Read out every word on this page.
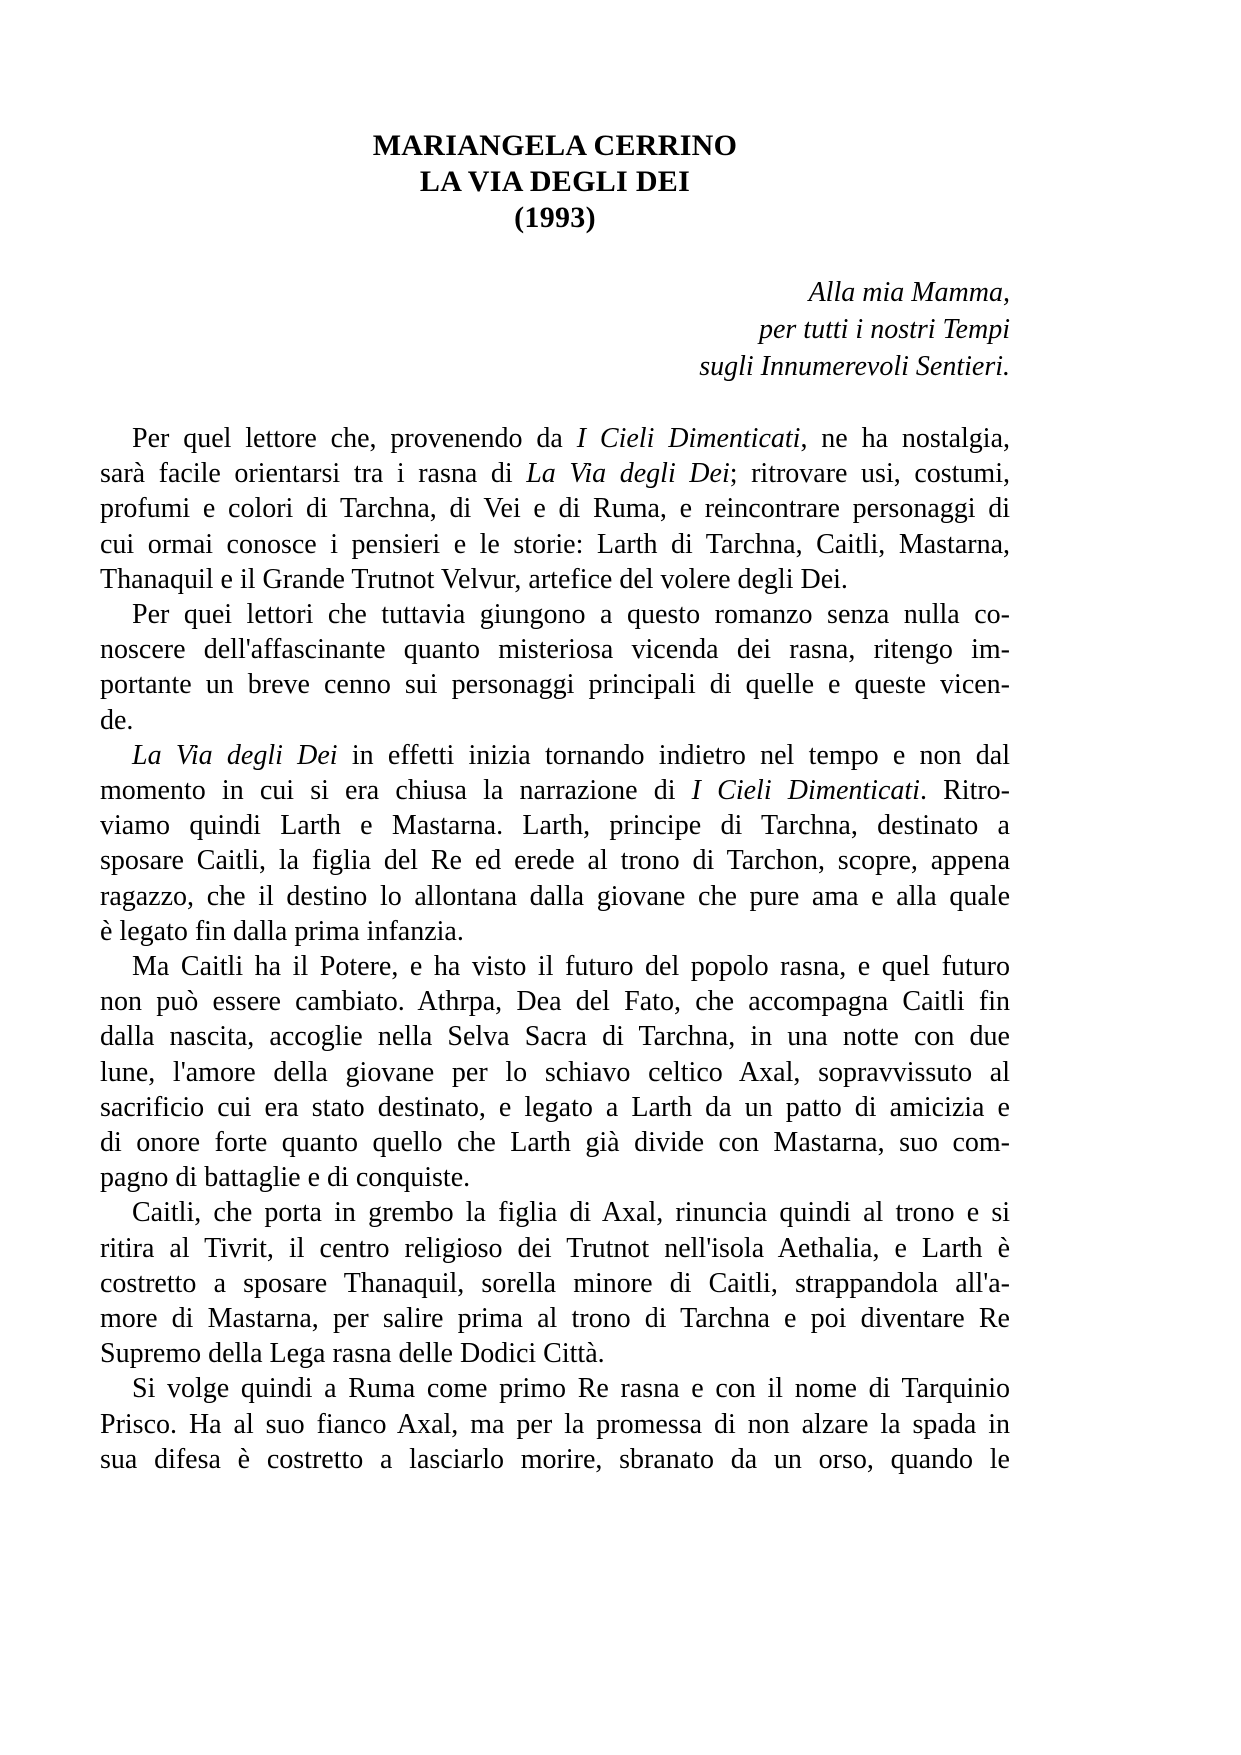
MARIANGELA CERRINO
LA VIA DEGLI DEI
(1993)
Alla mia Mamma,
per tutti i nostri Tempi
sugli Innumerevoli Sentieri.

Per quel lettore che, provenendo da I Cieli Dimenticati, ne ha nostalgia,
sarà facile orientarsi tra i rasna di La Via degli Dei; ritrovare usi, costumi,
profumi e colori di Tarchna, di Vei e di Ruma, e reincontrare personaggi di
cui ormai conosce i pensieri e le storie: Larth di Tarchna, Caitli, Mastarna,
Thanaquil e il Grande Trutnot Velvur, artefice del volere degli Dei.

Per quei lettori che tuttavia giungono a questo romanzo senza nulla co-
noscere dell'affascinante quanto misteriosa vicenda dei rasna, ritengo im-
portante un breve cenno sui personaggi principali di quelle e queste vicen-
de.

La Via degli Dei in effetti inizia tornando indietro nel tempo e non dal
momento in cui si era chiusa la narrazione di I Cieli Dimenticati. Ritro-
viamo quindi Larth e Mastarna. Larth, principe di Tarchna, destinato a
sposare Caitli, la figlia del Re ed erede al trono di Tarchon, scopre, appena
ragazzo, che il destino lo allontana dalla giovane che pure ama e alla quale
è legato fin dalla prima infanzia.

Ma Caitli ha il Potere, e ha visto il futuro del popolo rasna, e quel futuro
non può essere cambiato. Athrpa, Dea del Fato, che accompagna Caitli fin
dalla nascita, accoglie nella Selva Sacra di Tarchna, in una notte con due
lune, l'amore della giovane per lo schiavo celtico Axal, sopravvissuto al
sacrificio cui era stato destinato, e legato a Larth da un patto di amicizia e
di onore forte quanto quello che Larth già divide con Mastarna, suo com-
pagno di battaglie e di conquiste.

Caitli, che porta in grembo la figlia di Axal, rinuncia quindi al trono e si
ritira al Tivrit, il centro religioso dei Trutnot nell'isola Aethalia, e Larth è
costretto a sposare Thanaquil, sorella minore di Caitli, strappandola all'a-
more di Mastarna, per salire prima al trono di Tarchna e poi diventare Re
Supremo della Lega rasna delle Dodici Città.

Si volge quindi a Ruma come primo Re rasna e con il nome di Tarquinio
Prisco. Ha al suo fianco Axal, ma per la promessa di non alzare la spada in
sua difesa è costretto a lasciarlo morire, sbranato da un orso, quando le
